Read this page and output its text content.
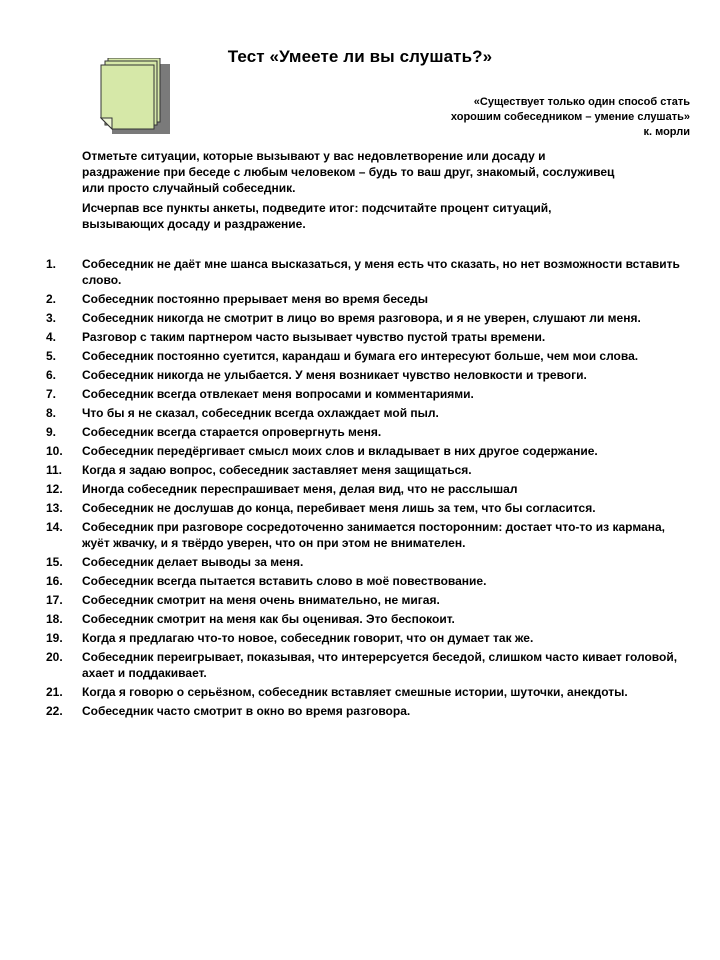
Тест «Умеете ли вы слушать?»
«Существует только один способ стать
хорошим собеседником – умение слушать»
к. морли

Отметьте ситуации, которые вызывают у вас недовлетворение или досаду и раздражение при беседе с любым человеком – будь то ваш друг, знакомый, сослуживец или просто случайный собеседник.

Исчерпав все пункты анкеты, подведите итог: подсчитайте процент ситуаций, вызывающих досаду и раздражение.

1.	Собеседник не даёт мне шанса высказаться, у меня есть что сказать, но нет возможности вставить слово.
2.	Собеседник постоянно прерывает меня во время беседы
3.	Собеседник никогда не смотрит в лицо во время разговора, и я не уверен, слушают ли меня.
4.	Разговор с таким партнером часто вызывает чувство пустой траты времени.
5.	Собеседник постоянно суетится, карандаш и бумага его интересуют больше, чем мои слова.
6.	Собеседник никогда не улыбается. У меня возникает чувство неловкости и тревоги.
7.	Собеседник всегда отвлекает меня вопросами и комментариями.
8.	Что бы я не сказал, собеседник всегда охлаждает мой пыл.
9.	Собеседник всегда старается опровергнуть меня.
10.	Собеседник передёргивает смысл моих слов и вкладывает в них другое содержание.
11.	Когда я задаю вопрос, собеседник заставляет меня защищаться.
12.	Иногда собеседник переспрашивает меня, делая вид, что не расслышал
13.	Собеседник не дослушав до конца, перебивает меня лишь за тем, что бы согласится.
14.	Собеседник при разговоре сосредоточенно занимается посторонним: достает что-то из кармана, жуёт жвачку, и я твёрдо уверен, что он при этом не внимателен.
15.	Собеседник делает выводы за меня.
16.	Собеседник всегда пытается вставить слово в моё повествование.
17.	Собеседник смотрит на меня очень внимательно, не мигая.
18.	Собеседник смотрит на меня как бы оценивая. Это беспокоит.
19.	Когда я предлагаю что-то новое, собеседник говорит, что он думает так же.
20.	Собеседник переигрывает, показывая, что интерерсуется беседой, слишком часто кивает головой, ахает и поддакивает.
21.	Когда я говорю о серьёзном, собеседник вставляет смешные истории, шуточки, анекдоты.
22.	Собеседник часто смотрит в окно во время разговора.
